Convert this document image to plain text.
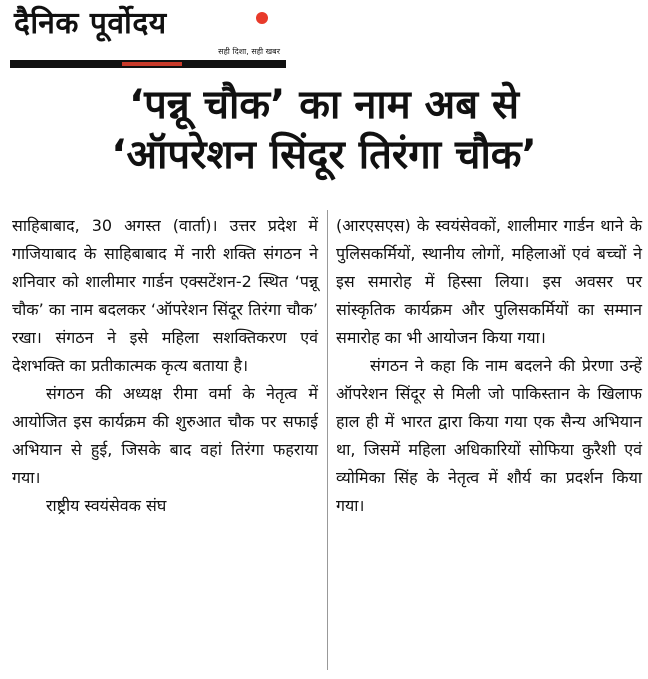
दैनिक पूर्वोदय
सही दिशा, सही खबर
‘पन्नू चौक’ का नाम अब से
‘ऑपरेशन सिंदूर तिरंगा चौक’

साहिबाबाद, 30 अगस्त (वार्ता)। उत्तर प्रदेश में गाजियाबाद के साहिबाबाद में नारी शक्ति संगठन ने शनिवार को शालीमार गार्डन एक्सटेंशन-2 स्थित ‘पन्नू चौक’ का नाम बदलकर ‘ऑपरेशन सिंदूर तिरंगा चौक’ रखा। संगठन ने इसे महिला सशक्तिकरण एवं देशभक्ति का प्रतीकात्मक कृत्य बताया है।

संगठन की अध्यक्ष रीमा वर्मा के नेतृत्व में आयोजित इस कार्यक्रम की शुरुआत चौक पर सफाई अभियान से हुई, जिसके बाद वहां तिरंगा फहराया गया।

राष्ट्रीय स्वयंसेवक संघ

(आरएसएस) के स्वयंसेवकों, शालीमार गार्डन थाने के पुलिसकर्मियों, स्थानीय लोगों, महिलाओं एवं बच्चों ने इस समारोह में हिस्सा लिया। इस अवसर पर सांस्कृतिक कार्यक्रम और पुलिसकर्मियों का सम्मान समारोह का भी आयोजन किया गया।

संगठन ने कहा कि नाम बदलने की प्रेरणा उन्हें ऑपरेशन सिंदूर से मिली जो पाकिस्तान के खिलाफ हाल ही में भारत द्वारा किया गया एक सैन्य अभियान था, जिसमें महिला अधिकारियों सोफिया कुरैशी एवं व्योमिका सिंह के नेतृत्व में शौर्य का प्रदर्शन किया गया।
